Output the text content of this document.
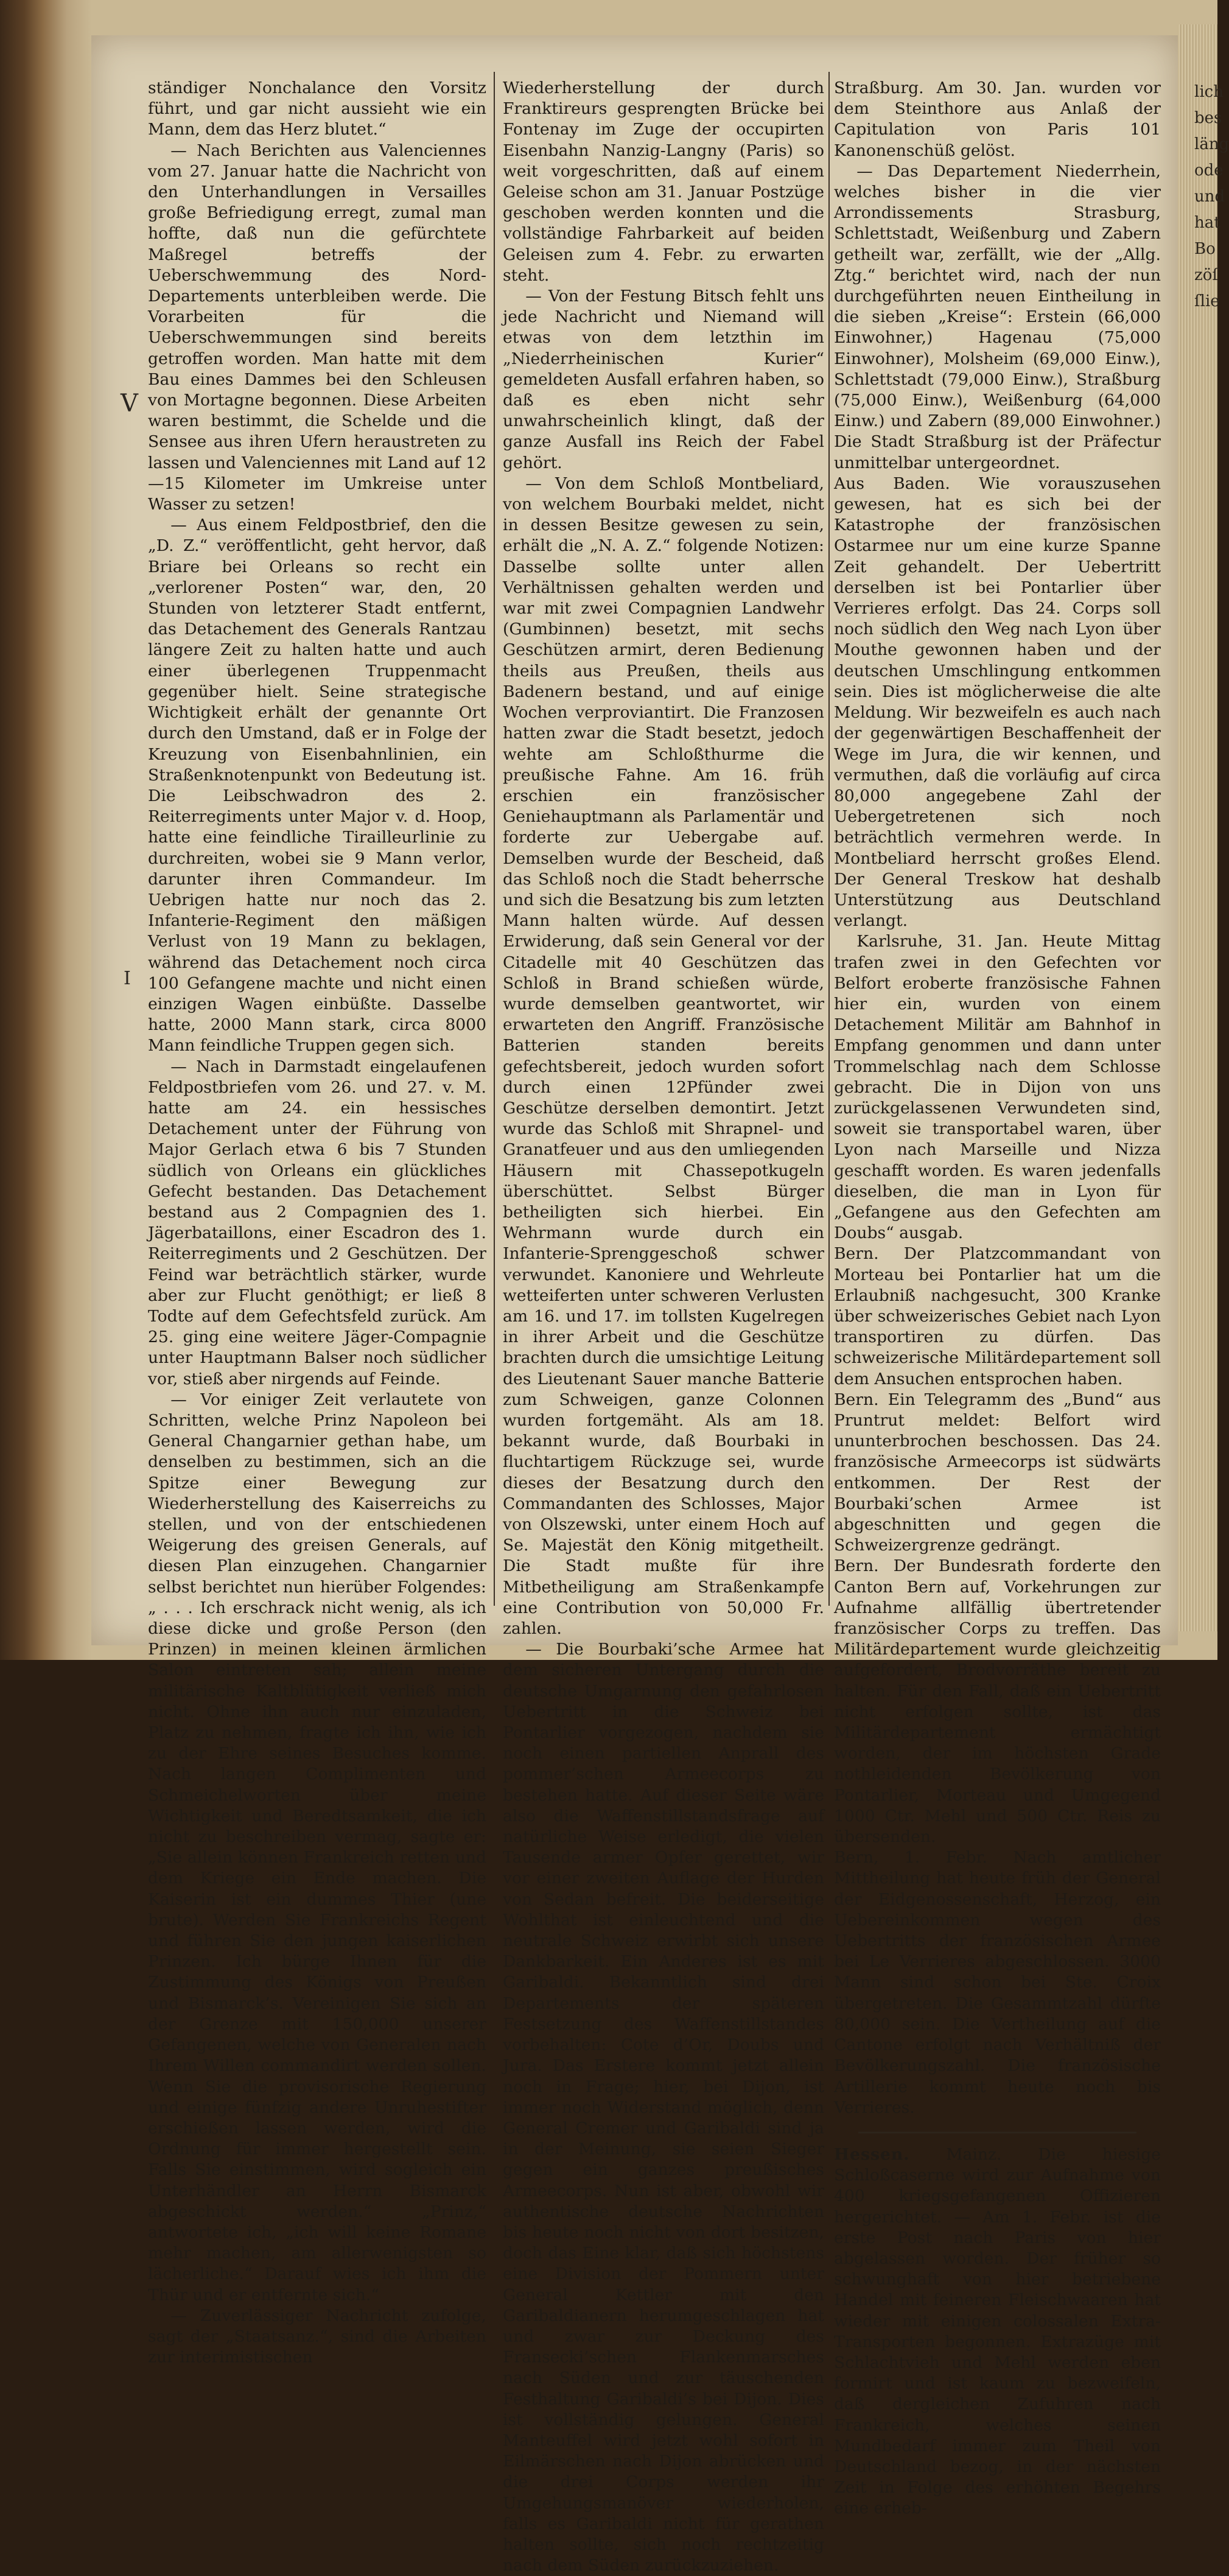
lich
bes
läng
ode
und
hat
Bo
zöſ
ſlie
V
I

ständiger Nonchalance den Vorsitz führt, und gar nicht aussieht wie ein Mann, dem das Herz blutet.“

— Nach Berichten aus Valenciennes vom 27. Januar hatte die Nachricht von den Unterhandlungen in Versailles große Befriedigung erregt, zumal man hoffte, daß nun die gefürchtete Maßregel betreffs der Ueberschwemmung des Nord-Departements unterbleiben werde. Die Vorarbeiten für die Ueberschwemmungen sind bereits getroffen worden. Man hatte mit dem Bau eines Dammes bei den Schleusen von Mortagne begonnen. Diese Arbeiten waren bestimmt, die Schelde und die Sensee aus ihren Ufern heraustreten zu lassen und Valenciennes mit Land auf 12—15 Kilometer im Umkreise unter Wasser zu setzen!

— Aus einem Feldpostbrief, den die „D. Z.“ veröffentlicht, geht hervor, daß Briare bei Orleans so recht ein „verlorener Posten“ war, den, 20 Stunden von letzterer Stadt entfernt, das Detachement des Generals Rantzau längere Zeit zu halten hatte und auch einer überlegenen Truppenmacht gegenüber hielt. Seine strategische Wichtigkeit erhält der genannte Ort durch den Umstand, daß er in Folge der Kreuzung von Eisenbahnlinien, ein Straßenknotenpunkt von Bedeutung ist. Die Leibschwadron des 2. Reiterregiments unter Major v. d. Hoop, hatte eine feindliche Tirailleurlinie zu durchreiten, wobei sie 9 Mann verlor, darunter ihren Commandeur. Im Uebrigen hatte nur noch das 2. Infanterie-Regiment den mäßigen Verlust von 19 Mann zu beklagen, während das Detachement noch circa 100 Gefangene machte und nicht einen einzigen Wagen einbüßte. Dasselbe hatte, 2000 Mann stark, circa 8000 Mann feindliche Truppen gegen sich.

— Nach in Darmstadt eingelaufenen Feldpostbriefen vom 26. und 27. v. M. hatte am 24. ein hessisches Detachement unter der Führung von Major Gerlach etwa 6 bis 7 Stunden südlich von Orleans ein glückliches Gefecht bestanden. Das Detachement bestand aus 2 Compagnien des 1. Jägerbataillons, einer Escadron des 1. Reiterregiments und 2 Geschützen. Der Feind war beträchtlich stärker, wurde aber zur Flucht genöthigt; er ließ 8 Todte auf dem Gefechtsfeld zurück. Am 25. ging eine weitere Jäger-Compagnie unter Hauptmann Balser noch südlicher vor, stieß aber nirgends auf Feinde.

— Vor einiger Zeit verlautete von Schritten, welche Prinz Napoleon bei General Changarnier gethan habe, um denselben zu bestimmen, sich an die Spitze einer Bewegung zur Wiederherstellung des Kaiserreichs zu stellen, und von der entschiedenen Weigerung des greisen Generals, auf diesen Plan einzugehen. Changarnier selbst berichtet nun hierüber Folgendes: „ . . . Ich erschrack nicht wenig, als ich diese dicke und große Person (den Prinzen) in meinen kleinen ärmlichen Salon eintreten sah; allein meine militärische Kaltblütigkeit verließ mich nicht. Ohne ihn auch nur einzuladen, Platz zu nehmen, fragte ich ihn, wie ich zu der Ehre seines Besuches komme. Nach langen Complimenten und Schmeichelworten über meine Wichtigkeit und Beredtsamkeit, die ich nicht zu beschreiben vermag, sagte er: „Sie allein können Frankreich retten und dem Kriege ein Ende machen. Die Kaiserin ist ein dummes Thier (une brute). Werden Sie Frankreichs Regent und führen Sie den jungen kaiserlichen Prinzen. Ich bürge Ihnen für die Zustimmung des Königs von Preußen und Bismarck’s. Vereinigen Sie sich an der Grenze mit 150,000 unserer Gefangenen, welche von Generalen nach Ihrem Willen commandirt werden sollen. Wenn Sie die provisorische Regierung und einige fünfzig andere Unruhestifter erschießen lassen werden, wird die Ordnung für immer hergestellt sein. Falls Sie einstimmen, wird sogleich ein Unterhändler an Herrn Bismarck abgeschickt werden.“ „Prinz,“ antwortete ich, „ich will keine Romane mehr machen, am allerwenigsten so lächerliche.“ Darauf wies ich ihm die Thür und er entfernte sich.“

— Zuverlässiger Nachricht zufolge, sagt der „Staatsanz.“, sind die Arbeiten zur interimistischen

Wiederherstellung der durch Franktireurs gesprengten Brücke bei Fontenay im Zuge der occupirten Eisenbahn Nanzig-Langny (Paris) so weit vorgeschritten, daß auf einem Geleise schon am 31. Januar Postzüge geschoben werden konnten und die vollständige Fahrbarkeit auf beiden Geleisen zum 4. Febr. zu erwarten steht.

— Von der Festung Bitsch fehlt uns jede Nachricht und Niemand will etwas von dem letzthin im „Niederrheinischen Kurier“ gemeldeten Ausfall erfahren haben, so daß es eben nicht sehr unwahrscheinlich klingt, daß der ganze Ausfall ins Reich der Fabel gehört.

— Von dem Schloß Montbeliard, von welchem Bourbaki meldet, nicht in dessen Besitze gewesen zu sein, erhält die „N. A. Z.“ folgende Notizen: Dasselbe sollte unter allen Verhältnissen gehalten werden und war mit zwei Compagnien Landwehr (Gumbinnen) besetzt, mit sechs Geschützen armirt, deren Bedienung theils aus Preußen, theils aus Badenern bestand, und auf einige Wochen verproviantirt. Die Franzosen hatten zwar die Stadt besetzt, jedoch wehte am Schloßthurme die preußische Fahne. Am 16. früh erschien ein französischer Geniehauptmann als Parlamentär und forderte zur Uebergabe auf. Demselben wurde der Bescheid, daß das Schloß noch die Stadt beherrsche und sich die Besatzung bis zum letzten Mann halten würde. Auf dessen Erwiderung, daß sein General vor der Citadelle mit 40 Geschützen das Schloß in Brand schießen würde, wurde demselben geantwortet, wir erwarteten den Angriff. Französische Batterien standen bereits gefechtsbereit, jedoch wurden sofort durch einen 12Pfünder zwei Geschütze derselben demontirt. Jetzt wurde das Schloß mit Shrapnel- und Granatfeuer und aus den umliegenden Häusern mit Chassepotkugeln überschüttet. Selbst Bürger betheiligten sich hierbei. Ein Wehrmann wurde durch ein Infanterie-Sprenggeschoß schwer verwundet. Kanoniere und Wehrleute wetteiferten unter schweren Verlusten am 16. und 17. im tollsten Kugelregen in ihrer Arbeit und die Geschütze brachten durch die umsichtige Leitung des Lieutenant Sauer manche Batterie zum Schweigen, ganze Colonnen wurden fortgemäht. Als am 18. bekannt wurde, daß Bourbaki in fluchtartigem Rückzuge sei, wurde dieses der Besatzung durch den Commandanten des Schlosses, Major von Olszewski, unter einem Hoch auf Se. Majestät den König mitgetheilt. Die Stadt mußte für ihre Mitbetheiligung am Straßenkampfe eine Contribution von 50,000 Fr. zahlen.

— Die Bourbaki’sche Armee hat dem sicheren Untergang durch die deutsche Umgarnung den gefahrlosen Uebertritt in die Schweiz bei Pontarlier vorgezogen, nachdem sie noch einen partiellen Anprall des pommer’schen Armeecorps zu bestehen hatte. Auf dieser Seite wäre also die Waffenstillstandsfrage auf natürliche Weise erledigt, die vielen Tausende armer Opfer gerettet, wir vor einer zweiten Auflage der Hurden von Sedan befreit. Die beiderseitige Wohlthat ist einleuchtend und die neutrale Schweiz erwirbt sich unsere Dankbarkeit. Ein Anderes ist es mit Garibaldi. Bekanntlich sind drei Departements der späteren Festsetzung des Waffenstillstandes vorbehalten: Cote d’Or, Doubs und Jura. Das Erstere kommt jetzt allein noch in Frage; hier, bei Dijon, ist immer noch Widerstand möglich, denn General Cremer und Garibaldi sind ja in der Meinung, sie seien Sieger gegen ein ganzes preußisches Armeecorps. Nun ist aber, obwohl wir authentische deutsche Nachrichten bis heute noch nicht von dort besitzen, doch das Eine klar, daß sich höchstens eine Division der Pommern unter General Kettler mit den Garibaldianern herumgeschlagen hat und zwar zur Deckung des Fransecki’schen Flankenmarsches nach Süden und zur täuschenden Festhaltung Garibaldi’s bei Dijon. Dies ist vollständig gelungen. General Manteuffel wird jetzt wohl sofort in Eilmärschen nach Dijon abrücken und die drei Corps werden ihr Umgehungsmanöver wiederholen, falls es Garibaldi nicht für gerathen halten sollte, sich noch rechtzeitig nach dem Süden zurückzuziehen.

Straßburg. Am 30. Jan. wurden vor dem Steinthore aus Anlaß der Capitulation von Paris 101 Kanonenschüß gelöst.

— Das Departement Niederrhein, welches bisher in die vier Arrondissements Strasburg, Schlettstadt, Weißenburg und Zabern getheilt war, zerfällt, wie der „Allg. Ztg.“ berichtet wird, nach der nun durchgeführten neuen Eintheilung in die sieben „Kreise“: Erstein (66,000 Einwohner,) Hagenau (75,000 Einwohner), Molsheim (69,000 Einw.), Schlettstadt (79,000 Einw.), Straßburg (75,000 Einw.), Weißenburg (64,000 Einw.) und Zabern (89,000 Einwohner.) Die Stadt Straßburg ist der Präfectur unmittelbar untergeordnet.

Aus Baden. Wie vorauszusehen gewesen, hat es sich bei der Katastrophe der französischen Ostarmee nur um eine kurze Spanne Zeit gehandelt. Der Uebertritt derselben ist bei Pontarlier über Verrieres erfolgt. Das 24. Corps soll noch südlich den Weg nach Lyon über Mouthe gewonnen haben und der deutschen Umschlingung entkommen sein. Dies ist möglicherweise die alte Meldung. Wir bezweifeln es auch nach der gegenwärtigen Beschaffenheit der Wege im Jura, die wir kennen, und vermuthen, daß die vorläufig auf circa 80,000 angegebene Zahl der Uebergetretenen sich noch beträchtlich vermehren werde. In Montbeliard herrscht großes Elend. Der General Treskow hat deshalb Unterstützung aus Deutschland verlangt.

Karlsruhe, 31. Jan. Heute Mittag trafen zwei in den Gefechten vor Belfort eroberte französische Fahnen hier ein, wurden von einem Detachement Militär am Bahnhof in Empfang genommen und dann unter Trommelschlag nach dem Schlosse gebracht. Die in Dijon von uns zurückgelassenen Verwundeten sind, soweit sie transportabel waren, über Lyon nach Marseille und Nizza geschafft worden. Es waren jedenfalls dieselben, die man in Lyon für „Gefangene aus den Gefechten am Doubs“ ausgab.

Bern. Der Platzcommandant von Morteau bei Pontarlier hat um die Erlaubniß nachgesucht, 300 Kranke über schweizerisches Gebiet nach Lyon transportiren zu dürfen. Das schweizerische Militärdepartement soll dem Ansuchen entsprochen haben.

Bern. Ein Telegramm des „Bund“ aus Pruntrut meldet: Belfort wird ununterbrochen beschossen. Das 24. französische Armeecorps ist südwärts entkommen. Der Rest der Bourbaki’schen Armee ist abgeschnitten und gegen die Schweizergrenze gedrängt.

Bern. Der Bundesrath forderte den Canton Bern auf, Vorkehrungen zur Aufnahme allfällig übertretender französischer Corps zu treffen. Das Militärdepartement wurde gleichzeitig aufgefordert, Brodvorräthe bereit zu halten. Für den Fall, daß ein Uebertritt nicht erfolgen sollte, ist das Militärdepartement ermächtigt worden, der im höchsten Grade nothleidenden Bevölkerung von Pontarlier, Morteau und Umgegend 1000 Ctr. Mehl und 500 Ctr. Reis zu übersenden.

Bern, 1. Febr. Nach amtlicher Mittheilung hat heute früh der General der Eidgenossenschaft, Herzog, ein Uebereinkommen wegen des Uebertritts der französischen Armee bei Le Verrieres abgeschlossen. 3000 Mann sind schon bei Ste. Croix übergetreten. Die Gesammtzahl dürfte 80,000 sein. Die Vertheilung auf die Cantone erfolgt nach Verhältniß der Bevölkerungszahl. Die französische Artillerie kommt heute noch bis Verrieres.

Hessen. Mainz. Die hiesige Schloßcaserne wird zur Aufnahme von 400 kriegsgefangenen Offizieren hergerichtet. — Am 1. Febr. ist die erste Post nach Paris von hier abgelassen worden. Der früher so schwunghaft von hier betriebene Handel mit feineren Fleischwaaren hat wieder mit einigen colossalen Extra-Transporten begonnen. Extrazüge mit Schlachtvieh und Mehl werden eben formirt und ist kaum zu bezweifeln, daß dergleichen Zufuhren nach Frankreich, welches seinen Mundbedarf immer zum Theil von Deutschland bezog, in der nächsten Zeit in Folge des erhöhten Begehrs eine erheb-
